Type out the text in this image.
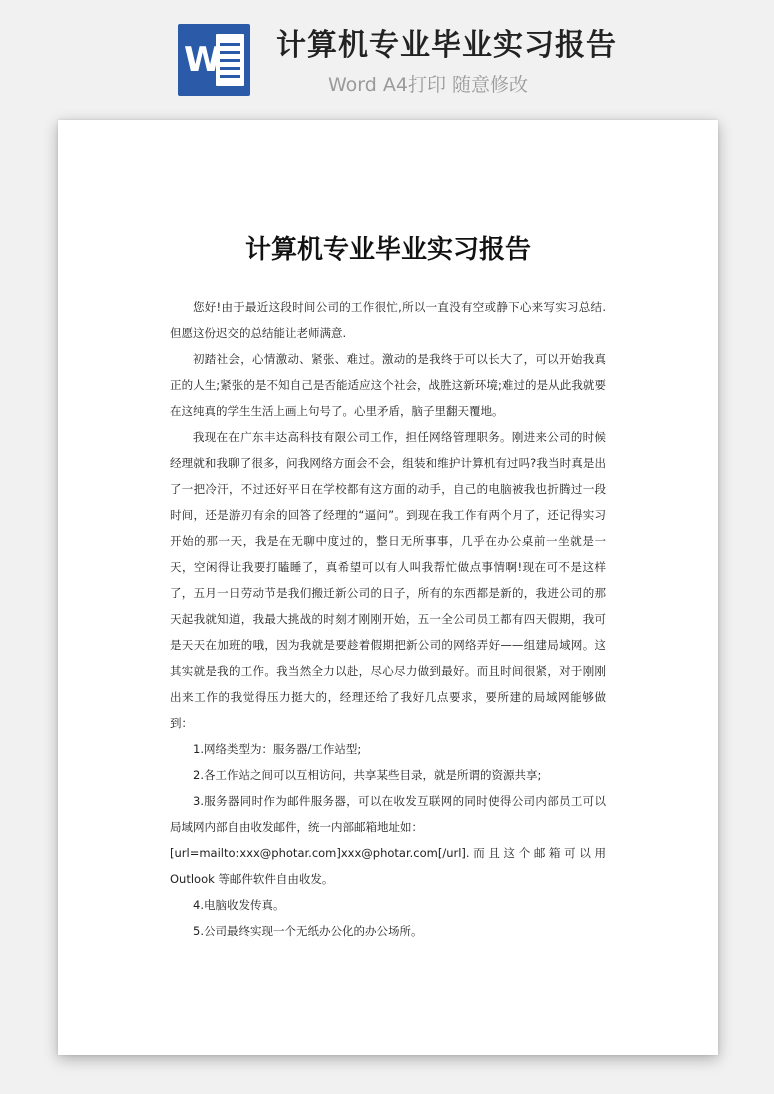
W 计算机专业毕业实习报告

Word A4打印 随意修改

计算机专业毕业实习报告

您好!由于最近这段时间公司的工作很忙,所以一直没有空或静下心来写实习总结.但愿这份迟交的总结能让老师满意.

初踏社会，心情激动、紧张、难过。激动的是我终于可以长大了，可以开始我真正的人生;紧张的是不知自己是否能适应这个社会，战胜这新环境;难过的是从此我就要在这纯真的学生生活上画上句号了。心里矛盾，脑子里翻天覆地。

我现在在广东丰达高科技有限公司工作，担任网络管理职务。刚进来公司的时候经理就和我聊了很多，问我网络方面会不会，组装和维护计算机有过吗?我当时真是出了一把冷汗，不过还好平日在学校都有这方面的动手，自己的电脑被我也折腾过一段时间，还是游刃有余的回答了经理的“逼问”。到现在我工作有两个月了，还记得实习开始的那一天，我是在无聊中度过的，整日无所事事，几乎在办公桌前一坐就是一天，空闲得让我要打瞌睡了，真希望可以有人叫我帮忙做点事情啊!现在可不是这样了，五月一日劳动节是我们搬迁新公司的日子，所有的东西都是新的，我进公司的那天起我就知道，我最大挑战的时刻才刚刚开始，五一全公司员工都有四天假期，我可是天天在加班的哦，因为我就是要趁着假期把新公司的网络弄好——组建局域网。这其实就是我的工作。我当然全力以赴，尽心尽力做到最好。而且时间很紧，对于刚刚出来工作的我觉得压力挺大的，经理还给了我好几点要求，要所建的局域网能够做到：

1.网络类型为：服务器/工作站型;

2.各工作站之间可以互相访问，共享某些目录，就是所谓的资源共享;

3.服务器同时作为邮件服务器，可以在收发互联网的同时使得公司内部员工可以局域网内部自由收发邮件，统一内部邮箱地址如：

[url=mailto:xxx@photar.com]xxx@photar.com[/url].而且这个邮箱可以用 Outlook 等邮件软件自由收发。

4.电脑收发传真。

5.公司最终实现一个无纸办公化的办公场所。
